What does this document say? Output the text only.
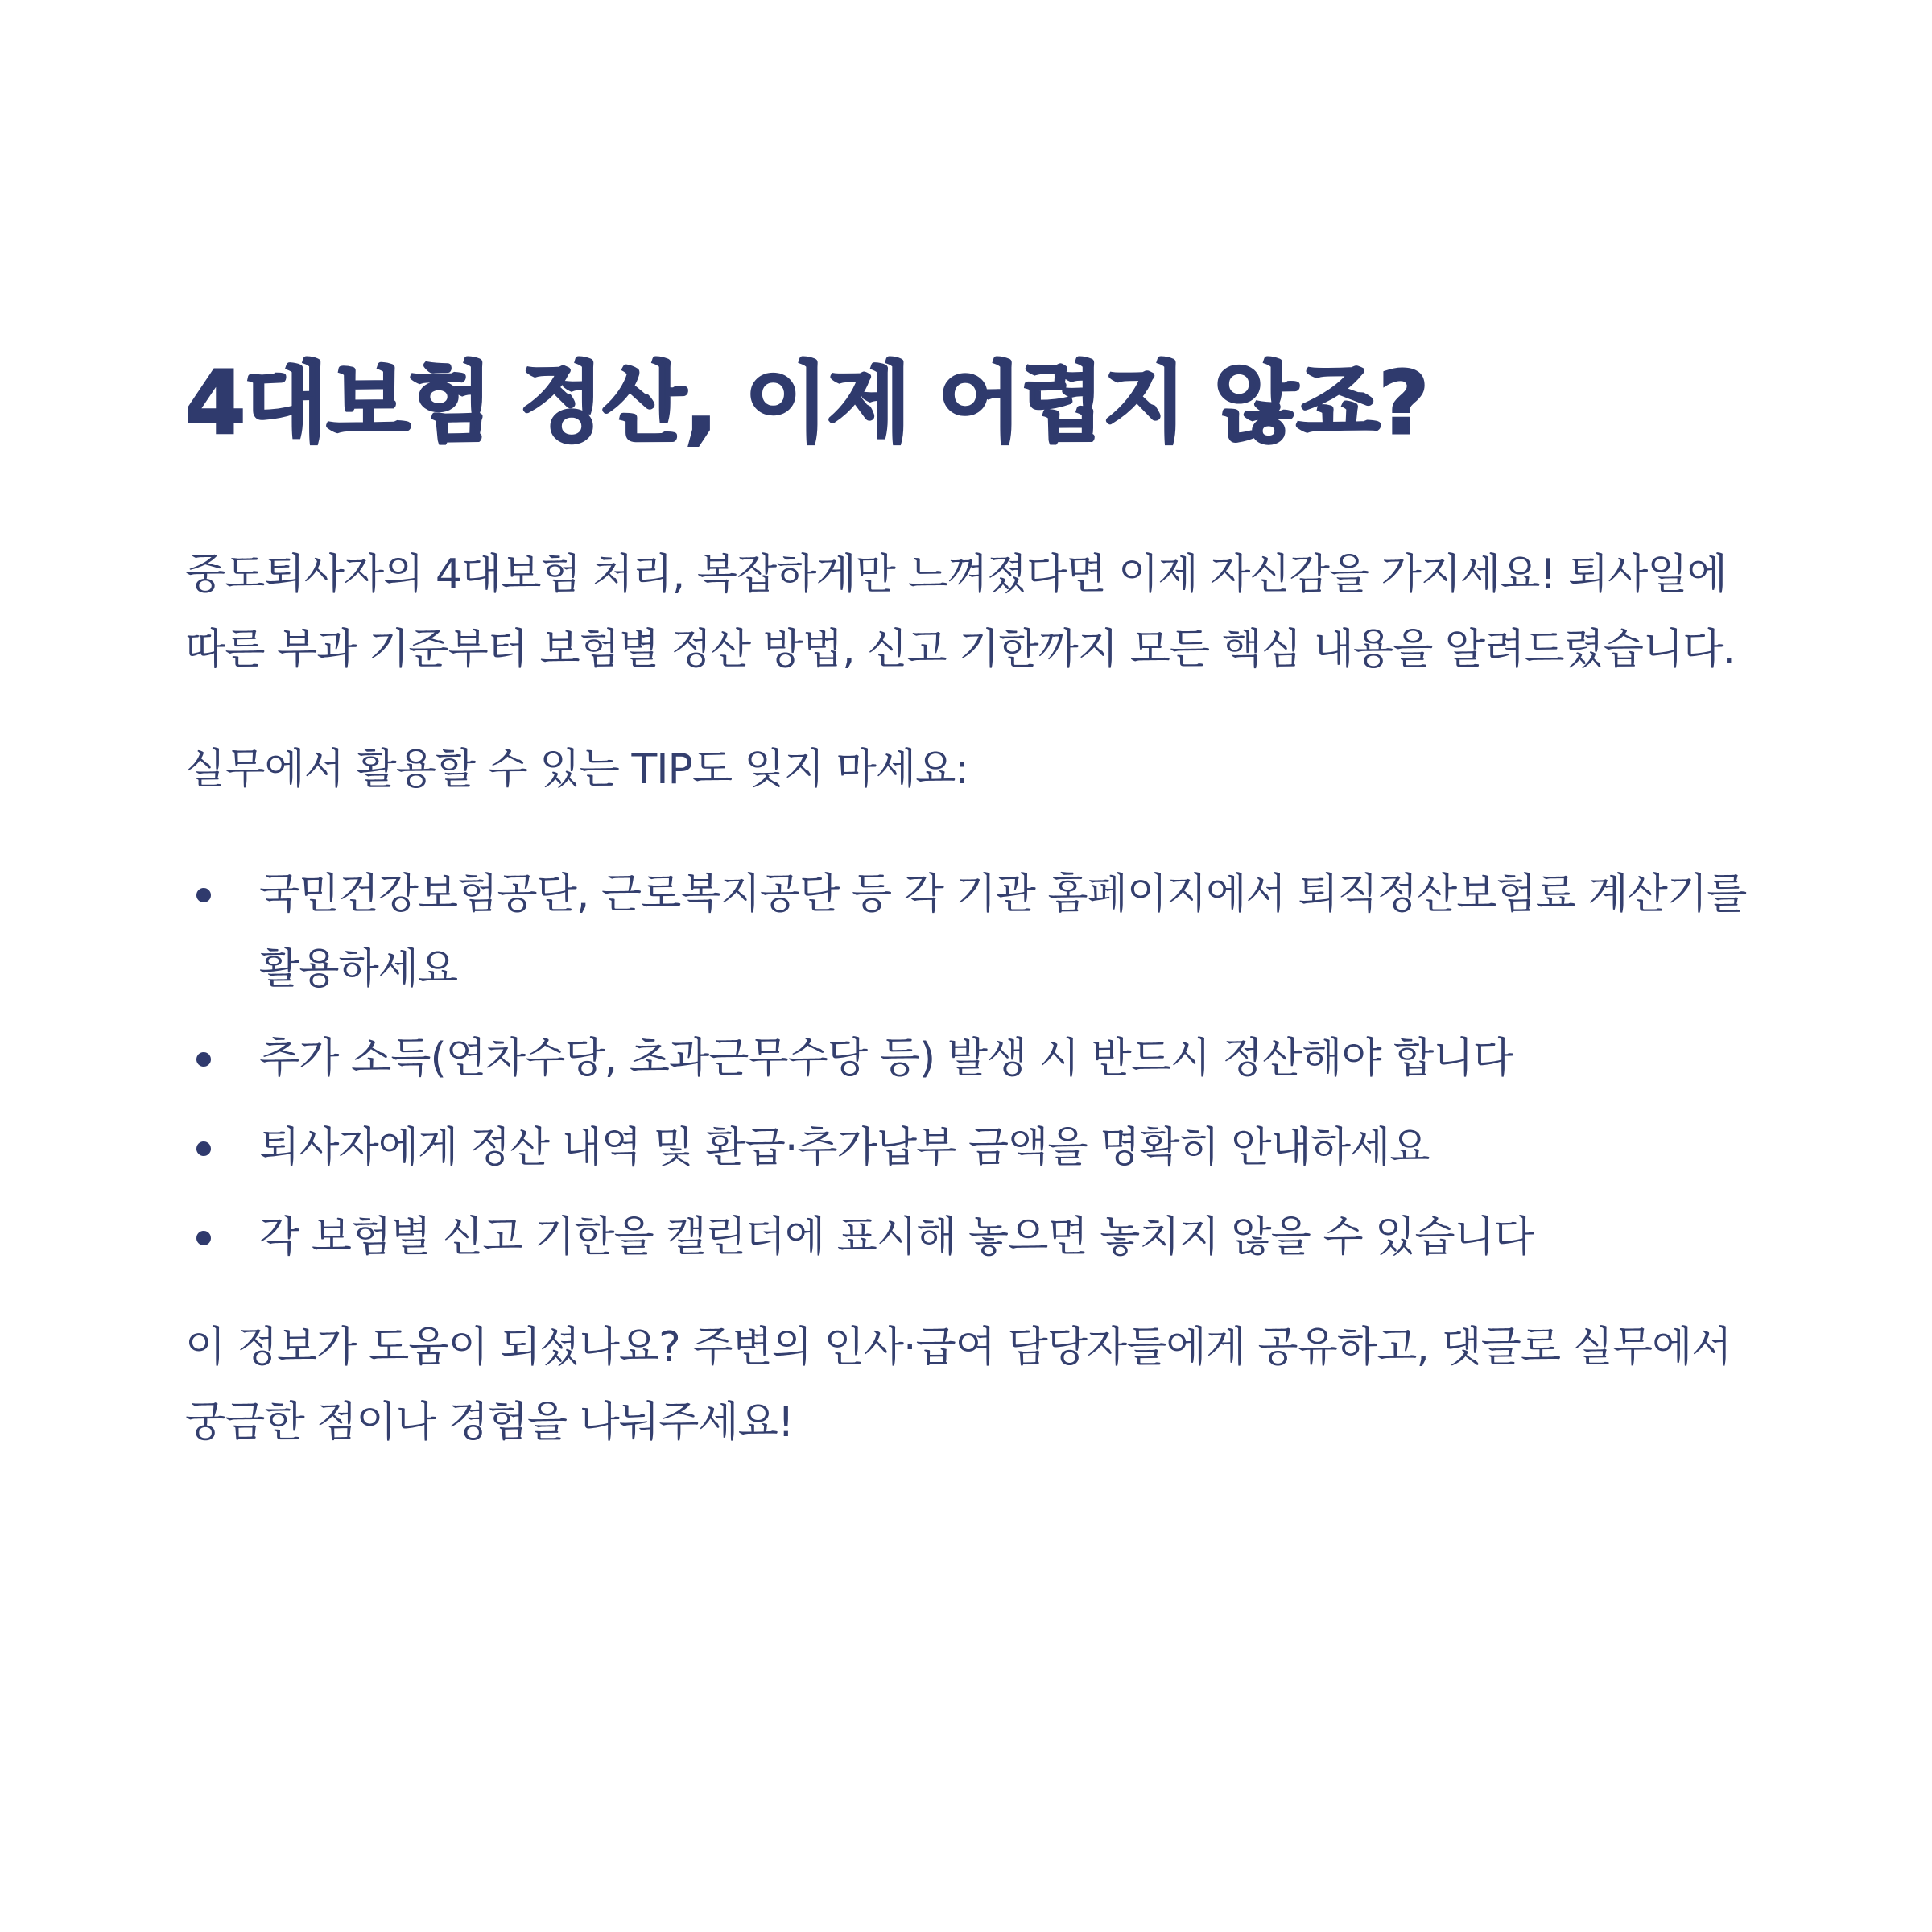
4대보험 정산, 이제 어렵지 않죠?

중도퇴사자의 4대보험 처리, 복잡하게만 느껴졌다면 이제 자신감을 가지세요! 퇴사일에 따른 부과 기준부터 보험별 정산 방법, 신고 기한까지 모든 핵심 내용을 알려드렸습니다.

실무에서 활용할 수 있는 TIP도 잊지 마세요:

국민건강보험공단, 근로복지공단 등 각 기관 홈페이지에서 퇴직정산보험료 계산기를 활용하세요
추가 소득(연차수당, 초과근무수당 등) 발생 시 반드시 정산해야 합니다
퇴사자에게 정산 내역 및 환급·추가납부 금액을 명확히 안내하세요
각 보험별 신고 기한을 캘린더에 표시해 놓으면 놓치지 않을 수 있습니다

이 정보가 도움이 되셨나요? 주변의 인사·급여 담당자들에게 공유하고, 댓글로 실무에서 궁금한 점이나 경험을 나눠주세요!
